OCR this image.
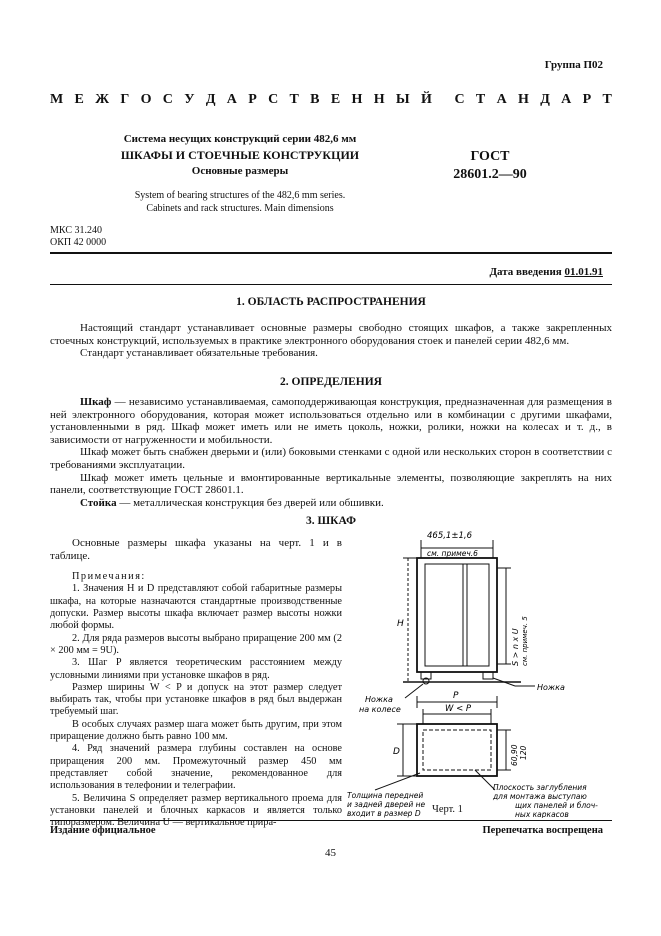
Группа П02
М Е Ж Г О С У Д А Р С Т В Е Н Н Ы Й С Т А Н Д А Р Т
Система несущих конструкций серии 482,6 мм
ШКАФЫ И СТОЕЧНЫЕ КОНСТРУКЦИИ
Основные размеры
System of bearing structures of the 482,6 mm series.
Cabinets and rack structures. Main dimensions
ГОСТ
28601.2—90
МКС 31.240
ОКП 42 0000
Дата введения 01.01.91
1. ОБЛАСТЬ РАСПРОСТРАНЕНИЯ

Настоящий стандарт устанавливает основные размеры свободно стоящих шкафов, а также закрепленных стоечных конструкций, используемых в практике электронного оборудования стоек и панелей серии 482,6 мм.

Стандарт устанавливает обязательные требования.

2. ОПРЕДЕЛЕНИЯ

Шкаф — независимо устанавливаемая, самоподдерживающая конструкция, предназначенная для размещения в ней электронного оборудования, которая может использоваться отдельно или в комбинации с другими шкафами, установленными в ряд. Шкаф может иметь или не иметь цоколь, ножки, ролики, ножки на колесах и т. д., в зависимости от нагруженности и мобильности.

Шкаф может быть снабжен дверьми и (или) боковыми стенками с одной или нескольких сторон в соответствии с требованиями эксплуатации.

Шкаф может иметь цельные и вмонтированные вертикальные элементы, позволяющие закреплять на них панели, соответствующие ГОСТ 28601.1.

Стойка — металлическая конструкция без дверей или обшивки.

3. ШКАФ

Основные размеры шкафа указаны на черт. 1 и в таблице.

Примечания:

1. Значения H и D представляют собой габаритные размеры шкафа, на которые назначаются стандартные производственные допуски. Размер высоты шкафа включает размер высоты ножки любой формы.

2. Для ряда размеров высоты выбрано приращение 200 мм (2 × 200 мм = 9U).

3. Шаг P является теоретическим расстоянием между условными линиями при установке шкафов в ряд.

Размер ширины W < P и допуск на этот размер следует выбирать так, чтобы при установке шкафов в ряд был выдержан требуемый шаг.

В особых случаях размер шага может быть другим, при этом приращение должно быть равно 100 мм.

4. Ряд значений размера глубины составлен на основе приращения 200 мм. Промежуточный размер 450 мм представляет собой значение, рекомендованное для использования в телефонии и телеграфии.

5. Величина S определяет размер вертикального проема для установки панелей и блочных каркасов и является только типоразмером. Величина U — вертикальное прира-

465,1±1,6
см. примеч.6
H
S > n x U см. примеч. 5
Ножка
Ножка
на колесе
P
W < P
D	60,90 120
Толщина передней
и задней дверей не
входит в размер D
Плоскость заглубления
для монтажа выступаю
щих панелей и блоч-
ных каркасов
Черт. 1
Издание официальное	Перепечатка воспрещена
45
